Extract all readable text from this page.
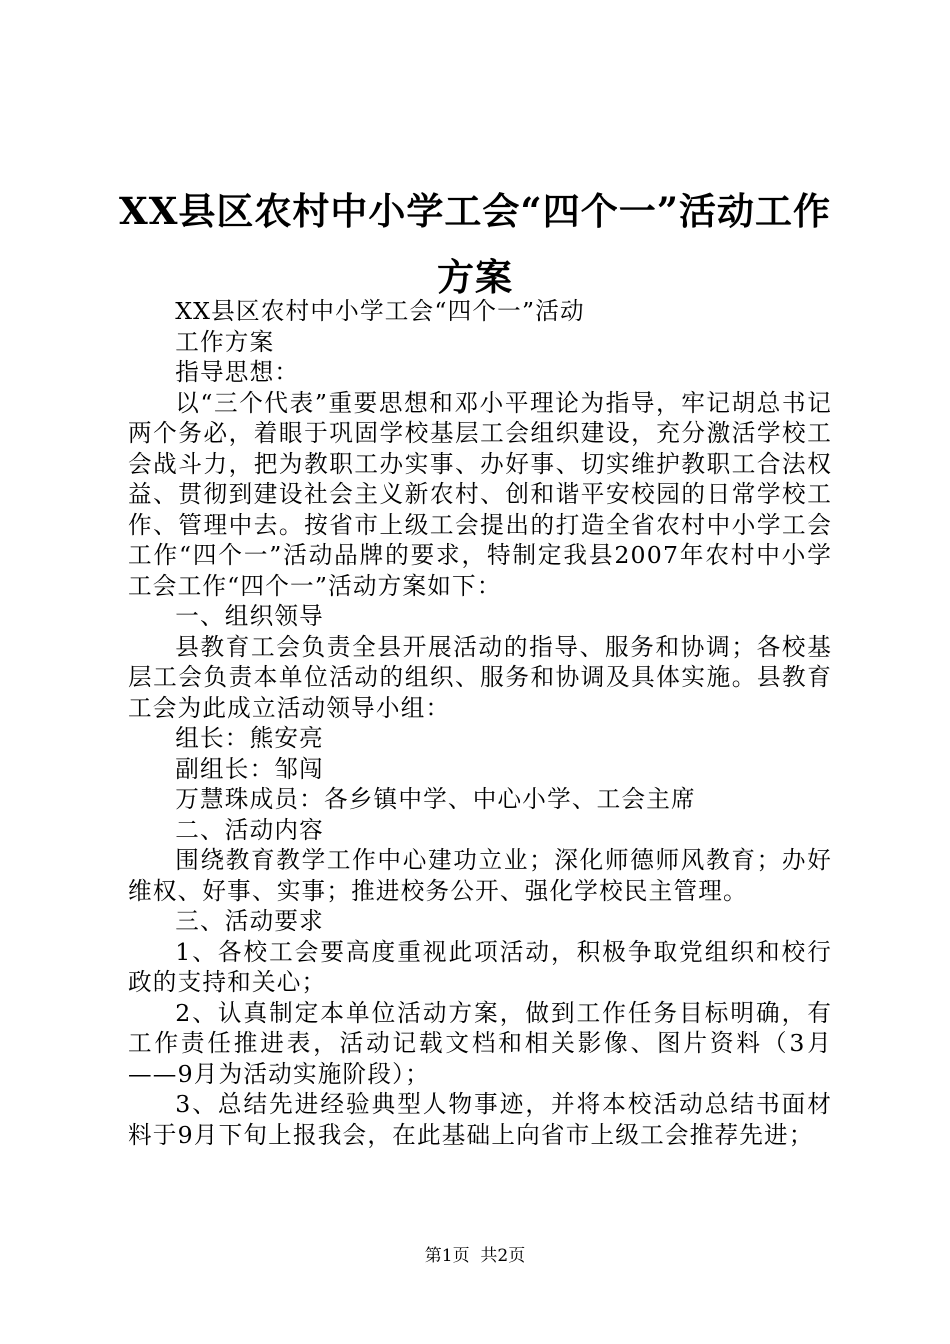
XX县区农村中小学工会“四个一”活动工作
方案

XX县区农村中小学工会“四个一”活动

工作方案

指导思想：

以“三个代表”重要思想和邓小平理论为指导，牢记胡总书记两个务必，着眼于巩固学校基层工会组织建设，充分激活学校工会战斗力，把为教职工办实事、办好事、切实维护教职工合法权益、贯彻到建设社会主义新农村、创和谐平安校园的日常学校工作、管理中去。按省市上级工会提出的打造全省农村中小学工会工作“四个一”活动品牌的要求，特制定我县2007年农村中小学工会工作“四个一”活动方案如下：

一、组织领导

县教育工会负责全县开展活动的指导、服务和协调；各校基层工会负责本单位活动的组织、服务和协调及具体实施。县教育工会为此成立活动领导小组：

组长：熊安亮

副组长：邹闯

万慧珠成员：各乡镇中学、中心小学、工会主席

二、活动内容

围绕教育教学工作中心建功立业；深化师德师风教育；办好维权、好事、实事；推进校务公开、强化学校民主管理。

三、活动要求

1、各校工会要高度重视此项活动，积极争取党组织和校行政的支持和关心；

2、认真制定本单位活动方案，做到工作任务目标明确，有工作责任推进表，活动记载文档和相关影像、图片资料（3月——9月为活动实施阶段）；

3、总结先进经验典型人物事迹，并将本校活动总结书面材料于9月下旬上报我会，在此基础上向省市上级工会推荐先进；

第1页 共2页
